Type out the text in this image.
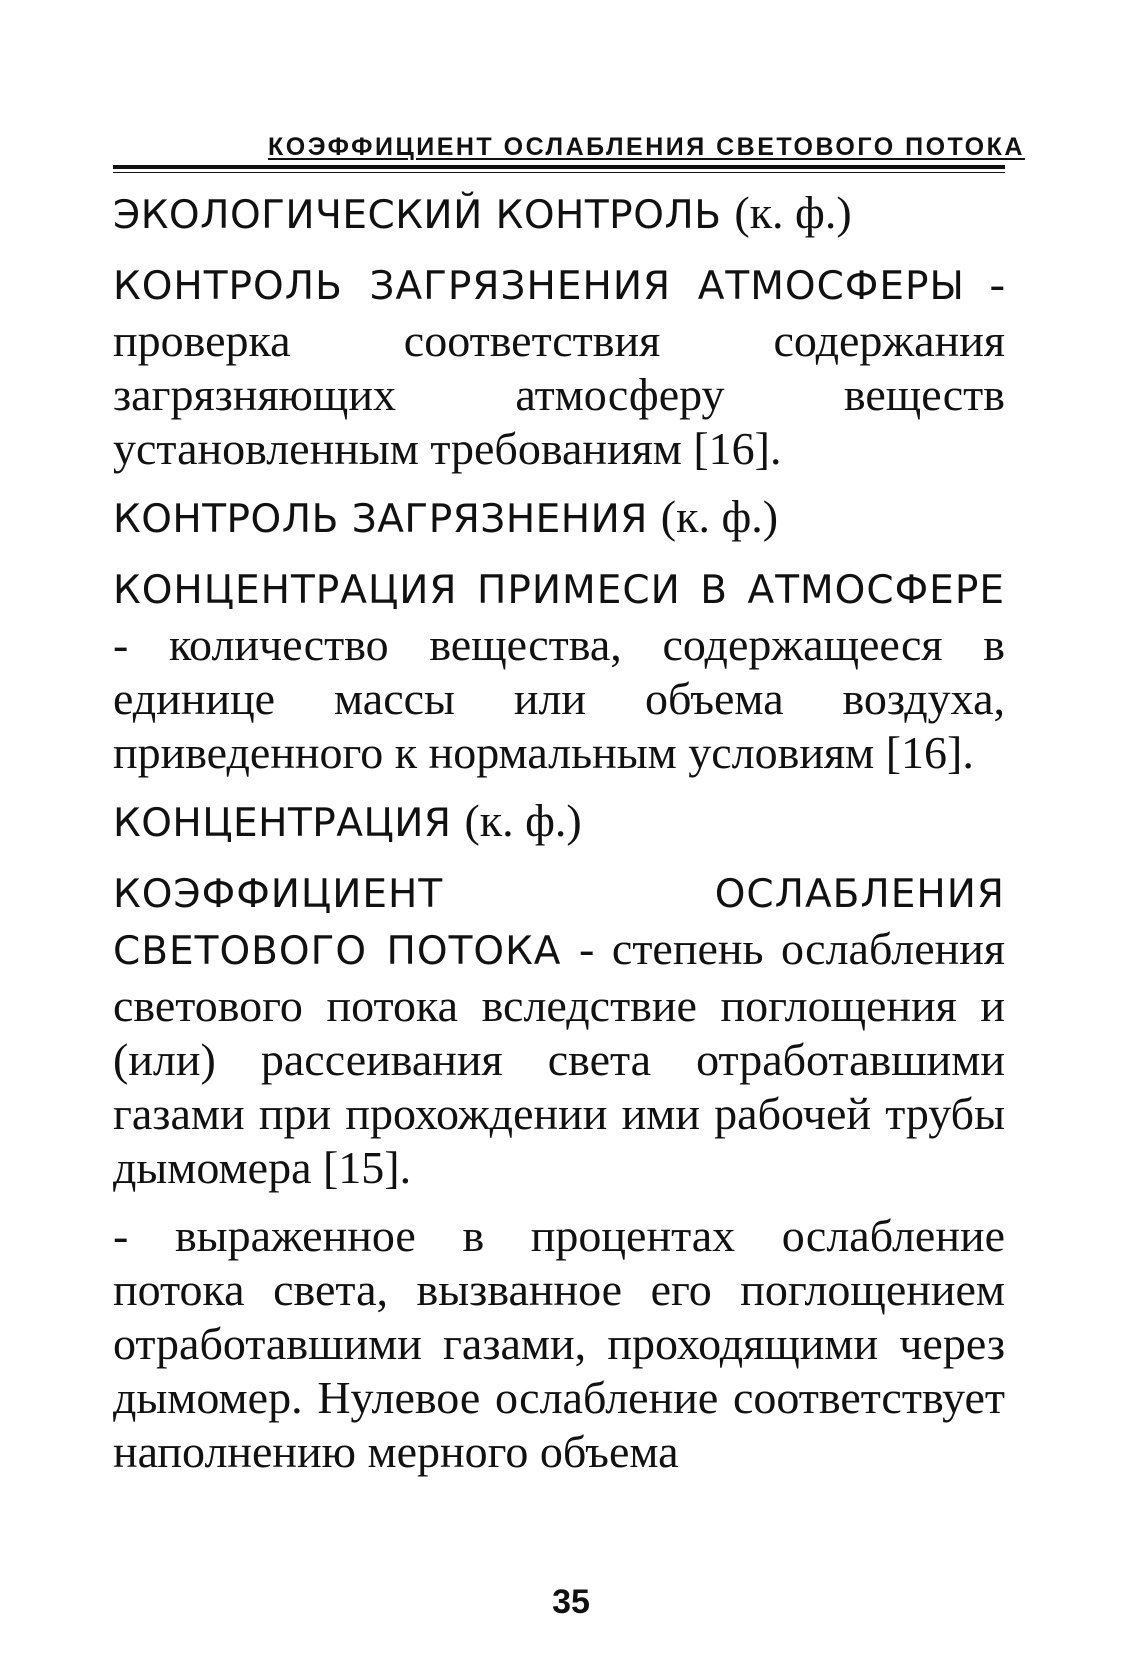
КОЭФФИЦИЕНТ ОСЛАБЛЕНИЯ СВЕТОВОГО ПОТОКА

ЭКОЛОГИЧЕСКИЙ КОНТРОЛЬ (к. ф.)

КОНТРОЛЬ ЗАГРЯЗНЕНИЯ АТМОСФЕРЫ - проверка соответствия содержания загрязняющих атмосферу веществ установленным требованиям [16].

КОНТРОЛЬ ЗАГРЯЗНЕНИЯ (к. ф.)

КОНЦЕНТРАЦИЯ ПРИМЕСИ В АТМОСФЕРЕ - количество вещества, содержащееся в единице массы или объема воздуха, приведенного к нормальным условиям [16].

КОНЦЕНТРАЦИЯ (к. ф.)

КОЭФФИЦИЕНТ ОСЛАБЛЕНИЯ СВЕТОВОГО ПОТОКА - степень ослабления светового потока вследствие поглощения и (или) рассеивания света отработавшими газами при прохождении ими рабочей трубы дымомера [15].

- выраженное в процентах ослабление потока света, вызванное его поглощением отработавшими газами, проходящими через дымомер. Нулевое ослабление соответствует наполнению мерного объема

35
